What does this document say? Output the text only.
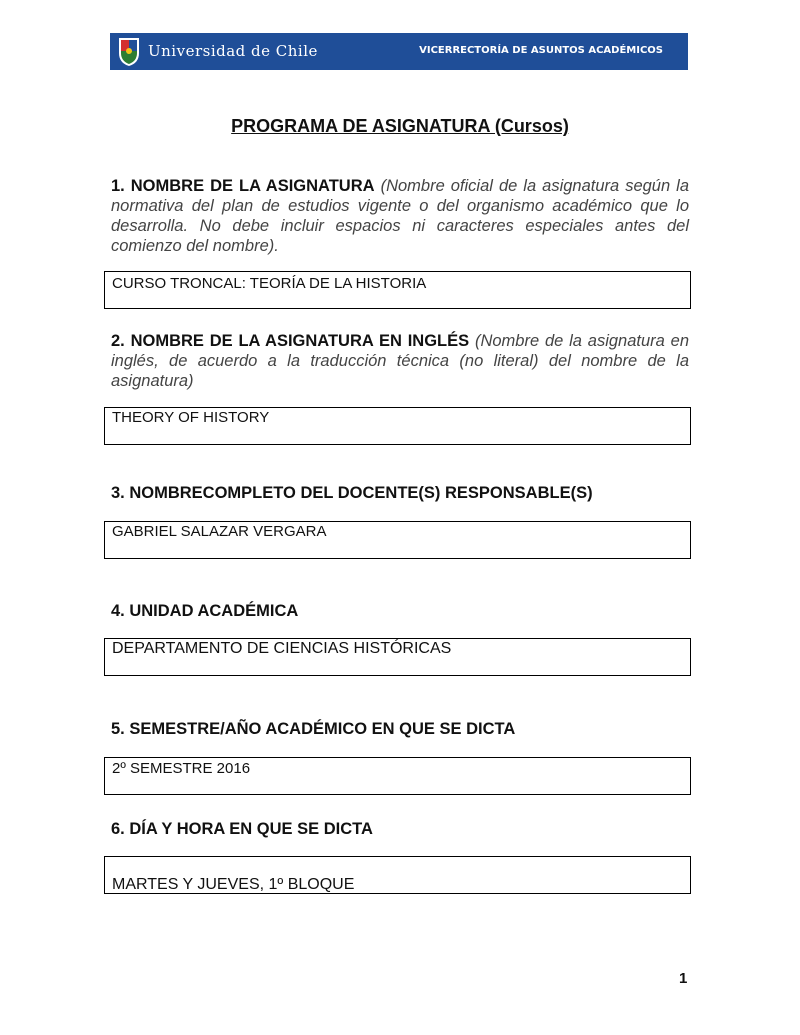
Universidad de Chile	VICERRECTORÍA DE ASUNTOS ACADÉMICOS
PROGRAMA DE ASIGNATURA (Cursos)
1. NOMBRE DE LA ASIGNATURA (Nombre oficial de la asignatura según la normativa del plan de estudios vigente o del organismo académico que lo desarrolla. No debe incluir espacios ni caracteres especiales antes del comienzo del nombre).
CURSO TRONCAL: TEORÍA DE LA HISTORIA
2. NOMBRE DE LA ASIGNATURA EN INGLÉS (Nombre de la asignatura en inglés, de acuerdo a la traducción técnica (no literal) del nombre de la asignatura)
THEORY OF HISTORY
3. NOMBRECOMPLETO DEL DOCENTE(S) RESPONSABLE(S)
GABRIEL SALAZAR VERGARA
4. UNIDAD ACADÉMICA
DEPARTAMENTO DE CIENCIAS HISTÓRICAS
5. SEMESTRE/AÑO ACADÉMICO EN QUE SE DICTA
2º SEMESTRE 2016
6. DÍA Y HORA EN QUE SE DICTA
MARTES Y JUEVES, 1º BLOQUE
1
